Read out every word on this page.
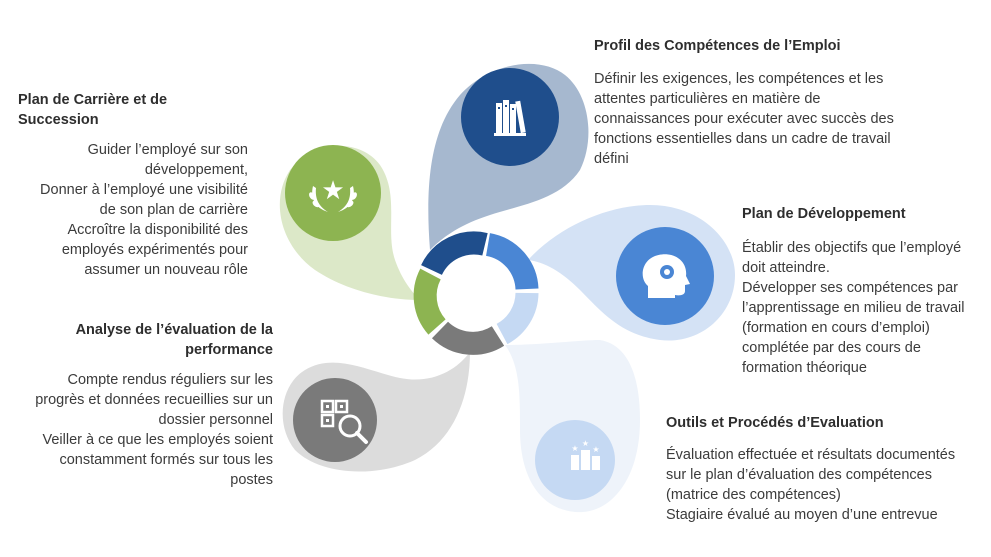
★
★
★
★
Profil des Compétences de l’Emploi
Définir les exigences, les compétences et les
attentes particulières en matière de
connaissances pour exécuter avec succès des
fonctions essentielles dans un cadre de travail
défini
Plan de Développement
Établir des objectifs que l’employé
doit atteindre.
Développer ses compétences par
l’apprentissage en milieu de travail
(formation en cours d’emploi)
complétée par des cours de
formation théorique
Outils et Procédés d’Evaluation
Évaluation effectuée et résultats documentés
sur le plan d’évaluation des compétences
(matrice des compétences)
Stagiaire évalué au moyen d’une entrevue
Analyse de l’évaluation de la
performance
Compte rendus réguliers sur les
progrès et données recueillies sur un
dossier personnel
Veiller à ce que les employés soient
constamment formés sur tous les
postes
Plan de Carrière et de Succession
Guider l’employé sur son
développement,
Donner à l’employé une visibilité
de son plan de carrière
Accroître la disponibilité des
employés expérimentés pour
assumer un nouveau rôle
